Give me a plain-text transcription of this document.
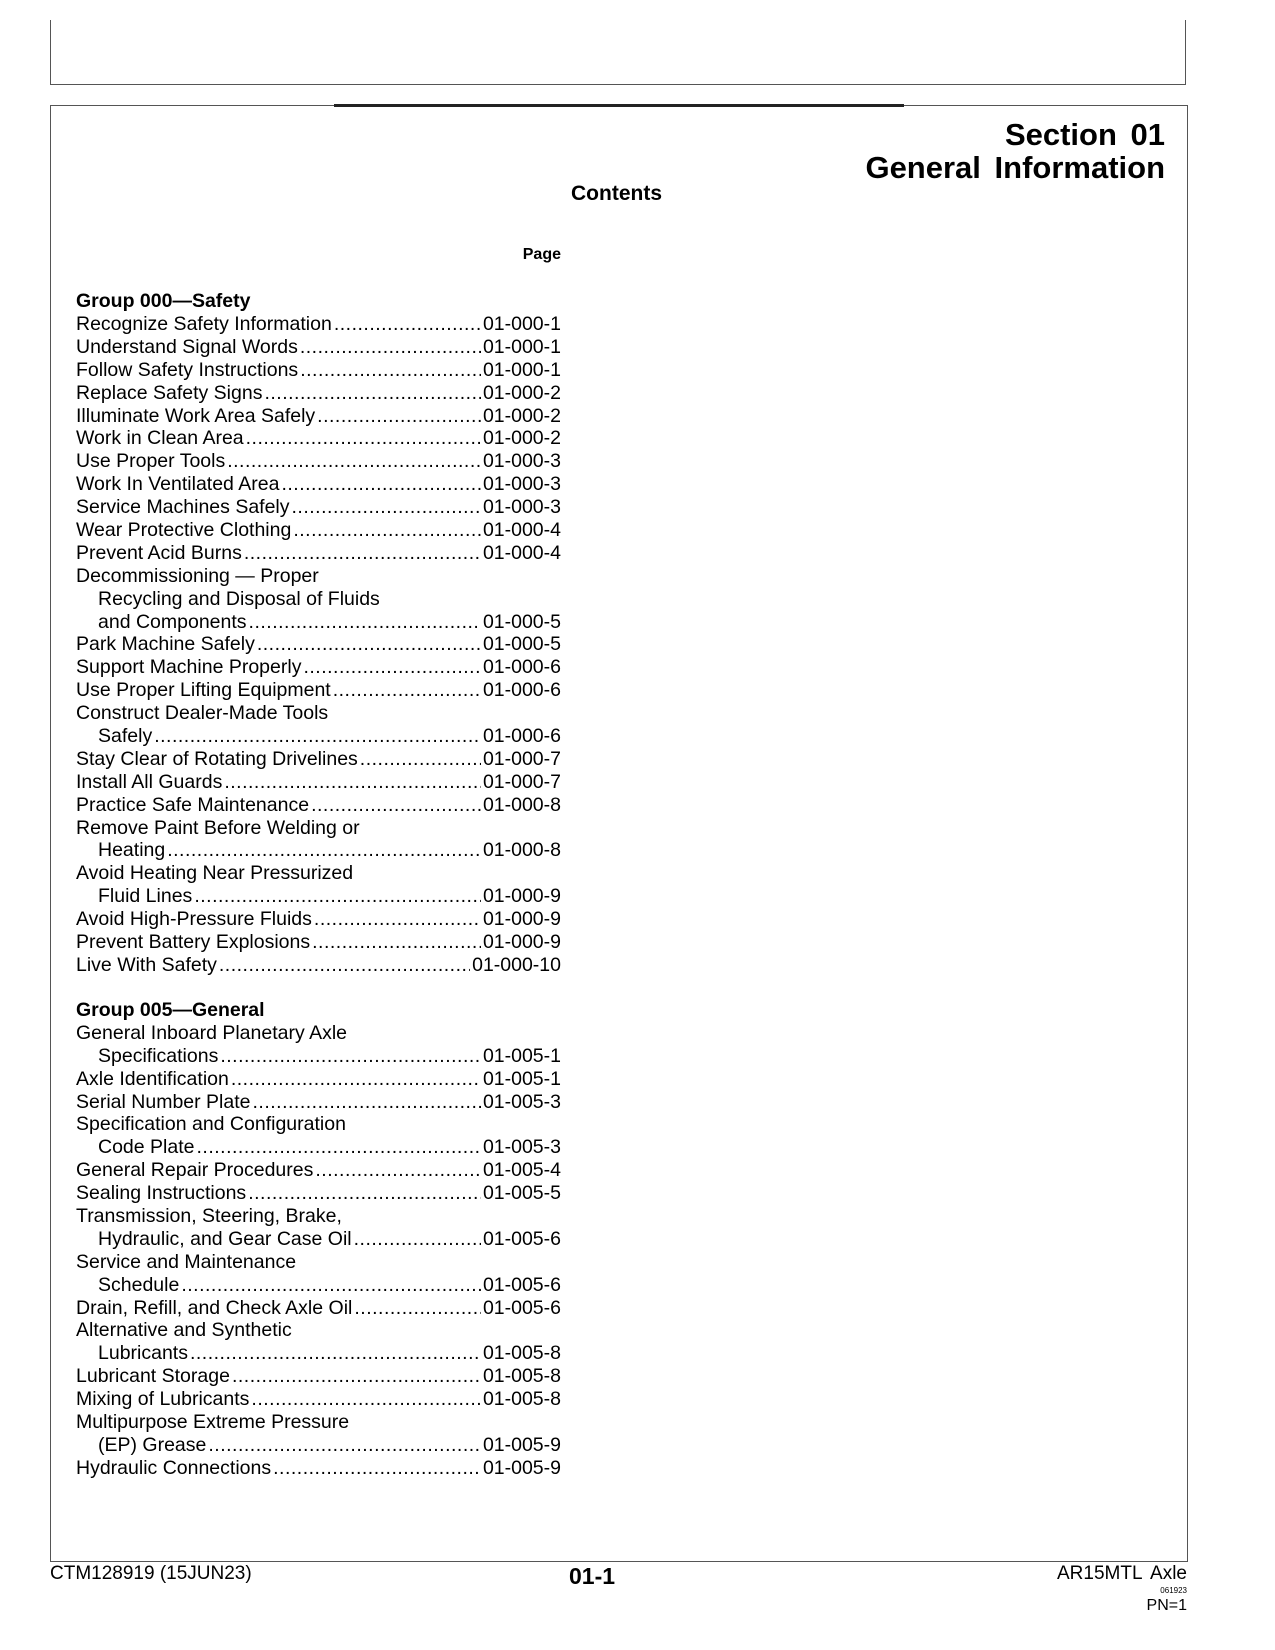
Section 01
General Information
Contents
Page
Group 000—Safety
Recognize Safety Information .....	01-000-1
Understand Signal Words .....	01-000-1
Follow Safety Instructions .....	01-000-1
Replace Safety Signs .....	01-000-2
Illuminate Work Area Safely .....	01-000-2
Work in Clean Area .....	01-000-2
Use Proper Tools .....	01-000-3
Work In Ventilated Area .....	01-000-3
Service Machines Safely .....	01-000-3
Wear Protective Clothing .....	01-000-4
Prevent Acid Burns .....	01-000-4
Decommissioning — Proper
Recycling and Disposal of Fluids
and Components .....	01-000-5
Park Machine Safely .....	01-000-5
Support Machine Properly .....	01-000-6
Use Proper Lifting Equipment .....	01-000-6
Construct Dealer-Made Tools
Safely .....	01-000-6
Stay Clear of Rotating Drivelines .....	01-000-7
Install All Guards .....	01-000-7
Practice Safe Maintenance .....	01-000-8
Remove Paint Before Welding or
Heating .....	01-000-8
Avoid Heating Near Pressurized
Fluid Lines .....	01-000-9
Avoid High-Pressure Fluids .....	01-000-9
Prevent Battery Explosions .....	01-000-9
Live With Safety .....	01-000-10
Group 005—General
General Inboard Planetary Axle
Specifications .....	01-005-1
Axle Identification .....	01-005-1
Serial Number Plate .....	01-005-3
Specification and Configuration
Code Plate .....	01-005-3
General Repair Procedures .....	01-005-4
Sealing Instructions .....	01-005-5
Transmission, Steering, Brake,
Hydraulic, and Gear Case Oil .....	01-005-6
Service and Maintenance
Schedule .....	01-005-6
Drain, Refill, and Check Axle Oil .....	01-005-6
Alternative and Synthetic
Lubricants .....	01-005-8
Lubricant Storage .....	01-005-8
Mixing of Lubricants .....	01-005-8
Multipurpose Extreme Pressure
(EP) Grease .....	01-005-9
Hydraulic Connections .....	01-005-9
CTM128919 (15JUN23)	01-1	AR15MTL Axle
061923
PN=1
